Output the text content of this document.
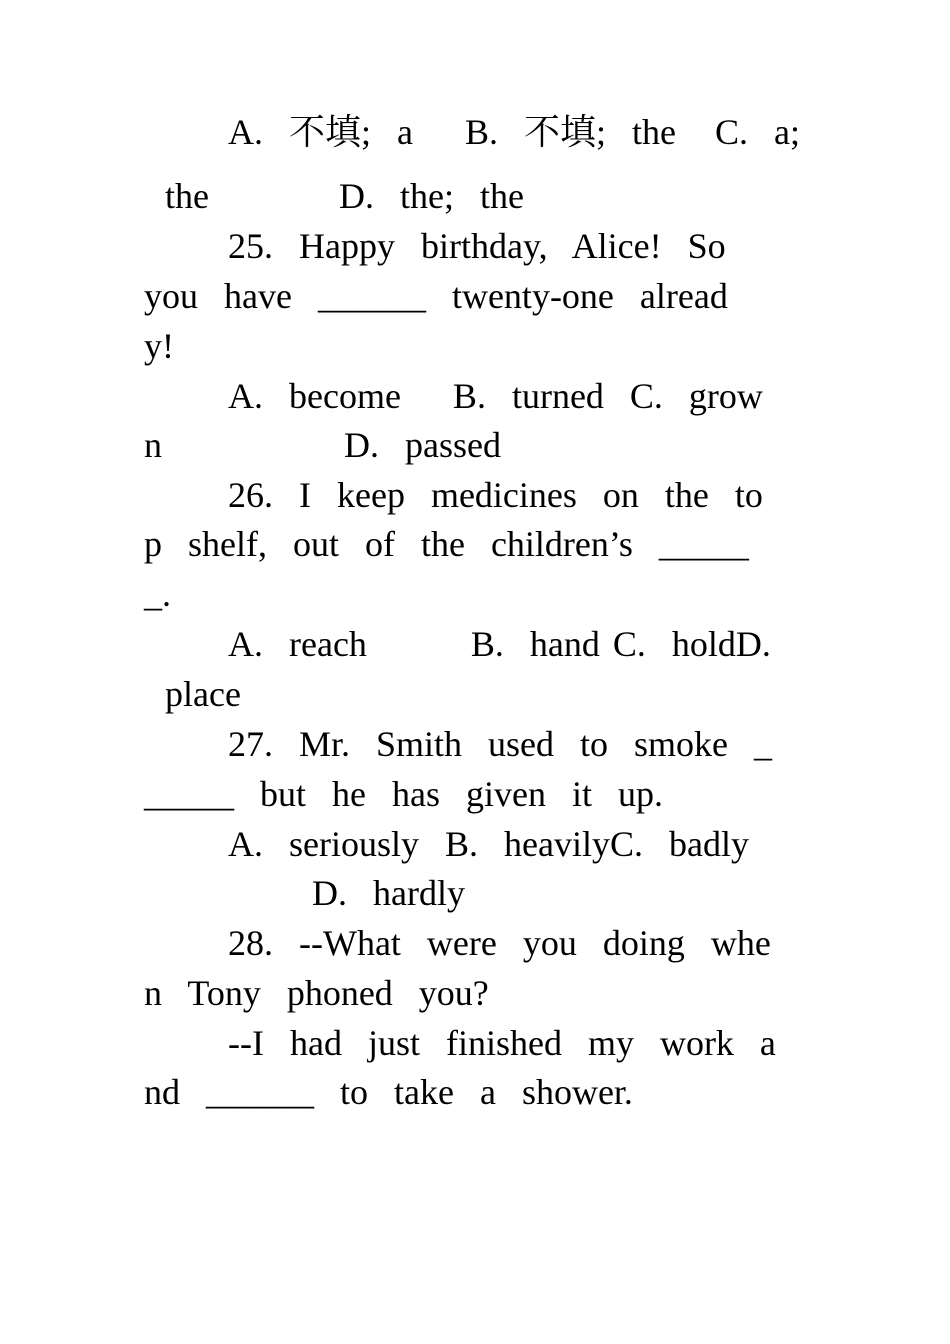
A.  不填;  a    B.  不填;  the   C.  a;
the          D.  the;  the
25.  Happy  birthday,  Alice!  So
you  have  ______  twenty-one  alread
y!
A.  become    B.  turned  C.  grow
n              D.  passed
26.  I  keep  medicines  on  the  to
p  shelf,  out  of  the  children’s  _____
_.
A.  reach        B.  hand C.  holdD.
place
27.  Mr.  Smith  used  to  smoke  _
_____  but  he  has  given  it  up.
A.  seriously  B.  heavilyC.  badly
D.  hardly
28.  --What  were  you  doing  whe
n  Tony  phoned  you?
--I  had  just  finished  my  work  a
nd  ______  to  take  a  shower.
